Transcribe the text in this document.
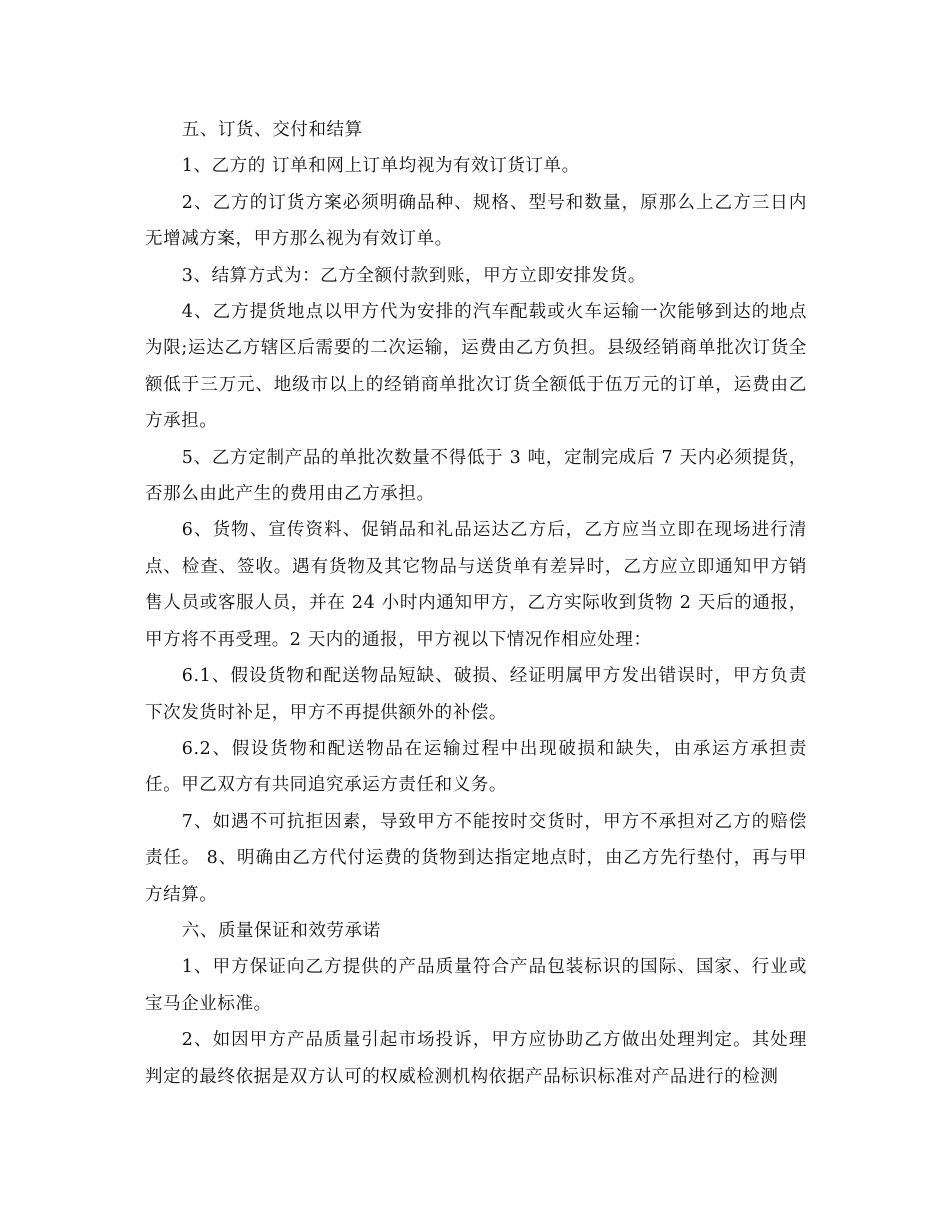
五、订货、交付和结算

1、乙方的 订单和网上订单均视为有效订货订单。

2、乙方的订货方案必须明确品种、规格、型号和数量，原那么上乙方三日内无增减方案，甲方那么视为有效订单。

3、结算方式为：乙方全额付款到账，甲方立即安排发货。

4、乙方提货地点以甲方代为安排的汽车配载或火车运输一次能够到达的地点为限;运达乙方辖区后需要的二次运输，运费由乙方负担。县级经销商单批次订货全额低于三万元、地级市以上的经销商单批次订货全额低于伍万元的订单，运费由乙方承担。

5、乙方定制产品的单批次数量不得低于 3 吨，定制完成后 7 天内必须提货，否那么由此产生的费用由乙方承担。

6、货物、宣传资料、促销品和礼品运达乙方后，乙方应当立即在现场进行清点、检查、签收。遇有货物及其它物品与送货单有差异时，乙方应立即通知甲方销售人员或客服人员，并在 24 小时内通知甲方，乙方实际收到货物 2 天后的通报，甲方将不再受理。2 天内的通报，甲方视以下情况作相应处理：

6.1、假设货物和配送物品短缺、破损、经证明属甲方发出错误时，甲方负责下次发货时补足，甲方不再提供额外的补偿。

6.2、假设货物和配送物品在运输过程中出现破损和缺失，由承运方承担责任。甲乙双方有共同追究承运方责任和义务。

7、如遇不可抗拒因素，导致甲方不能按时交货时，甲方不承担对乙方的赔偿责任。 8、明确由乙方代付运费的货物到达指定地点时，由乙方先行垫付，再与甲方结算。

六、质量保证和效劳承诺

1、甲方保证向乙方提供的产品质量符合产品包装标识的国际、国家、行业或宝马企业标准。

2、如因甲方产品质量引起市场投诉，甲方应协助乙方做出处理判定。其处理判定的最终依据是双方认可的权威检测机构依据产品标识标准对产品进行的检测
